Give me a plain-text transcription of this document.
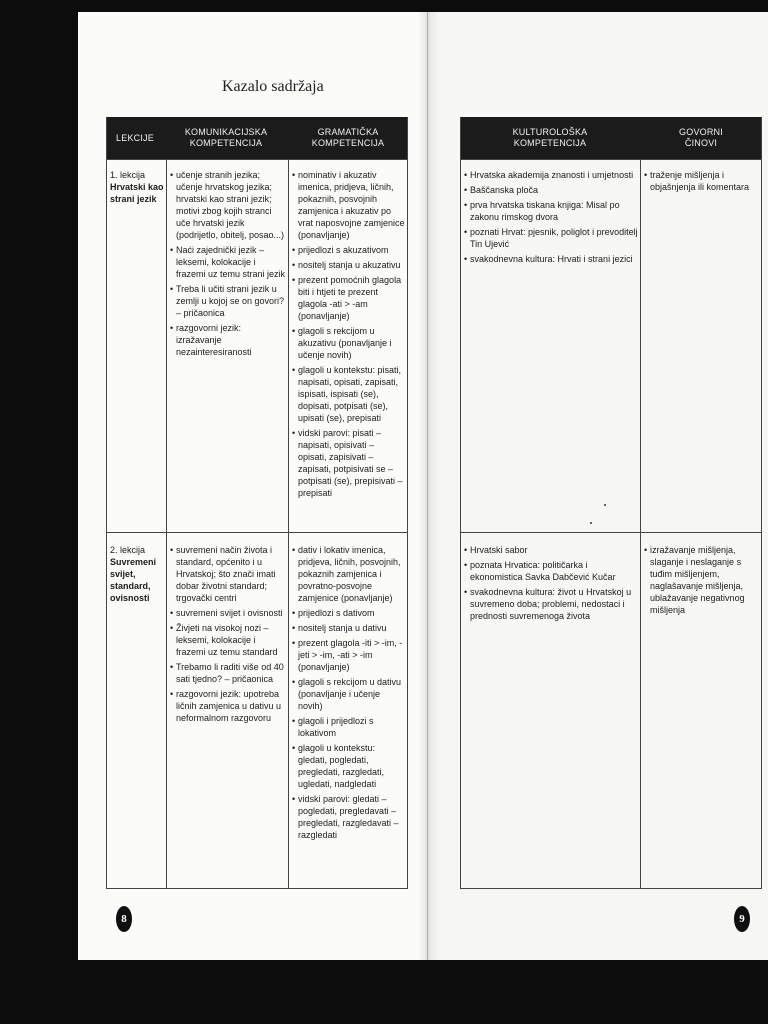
Kazalo sadržaja
LEKCIJE
KOMUNIKACIJSKA
KOMPETENCIJA
GRAMATIČKA
KOMPETENCIJA
KULTUROLOŠKA
KOMPETENCIJA
GOVORNI
ČINOVI
1. lekcija
Hrvatski kao strani jezik
• učenje stranih jezika; učenje hrvatskog jezika; hrvatski kao strani jezik; motivi zbog kojih stranci uče hrvatski jezik (podrijetlo, obitelj, posao...)
• Naći zajednički jezik – leksemi, kolokacije i frazemi uz temu strani jezik
• Treba li učiti strani jezik u zemlji u kojoj se on govori? – pričaonica
• razgovorni jezik: izražavanje nezainteresiranosti
• nominativ i akuzativ imenica, pridjeva, ličnih, pokaznih, posvojnih zamjenica i akuzativ po vrat naposvojne zamjenice (ponavljanje)
• prijedlozi s akuzativom
• nositelj stanja u akuzativu
• prezent pomoćnih glagola biti i htjeti te prezent glagola -ati > -am (ponavljanje)
• glagoli s rekcijom u akuzativu (ponavljanje i učenje novih)
• glagoli u kontekstu: pisati, napisati, opisati, zapisati, ispisati, ispisati (se), dopisati, potpisati (se), upisati (se), prepisati
• vidski parovi: pisati – napisati, opisivati – opisati, zapisivati – zapisati, potpisivati se – potpisati (se), prepisivati – prepisati
• Hrvatska akademija znanosti i umjetnosti
• Baščanska ploča
• prva hrvatska tiskana knjiga: Misal po zakonu rimskog dvora
• poznati Hrvat: pjesnik, poliglot i prevoditelj Tin Ujević
• svakodnevna kultura: Hrvati i strani jezici
• traženje mišljenja i objašnjenja ili komentara
2. lekcija
Suvremeni svijet, standard, ovisnosti
• suvremeni način života i standard, općenito i u Hrvatskoj; što znači imati dobar životni standard; trgovački centri
• suvremeni svijet i ovisnosti
• Živjeti na visokoj nozi – leksemi, kolokacije i frazemi uz temu standard
• Trebamo li raditi više od 40 sati tjedno? – pričaonica
• razgovorni jezik: upotreba ličnih zamjenica u dativu u neformalnom razgovoru
• dativ i lokativ imenica, pridjeva, ličnih, posvojnih, pokaznih zamjenica i povratno-posvojne zamjenice (ponavljanje)
• prijedlozi s dativom
• nositelj stanja u dativu
• prezent glagola -iti > -im, -jeti > -im, -ati > -im (ponavljanje)
• glagoli s rekcijom u dativu (ponavljanje i učenje novih)
• glagoli i prijedlozi s lokativom
• glagoli u kontekstu: gledati, pogledati, pregledati, razgledati, ugledati, nadgledati
• vidski parovi: gledati – pogledati, pregledavati – pregledati, razgledavati – razgledati
• Hrvatski sabor
• poznata Hrvatica: političarka i ekonomistica Savka Dabčević Kučar
• svakodnevna kultura: život u Hrvatskoj u suvremeno doba; problemi, nedostaci i prednosti suvremenoga života
• izražavanje mišljenja, slaganje i neslaganje s tuđim mišljenjem, naglašavanje mišljenja, ublažavanje negativnog mišljenja
8	9
